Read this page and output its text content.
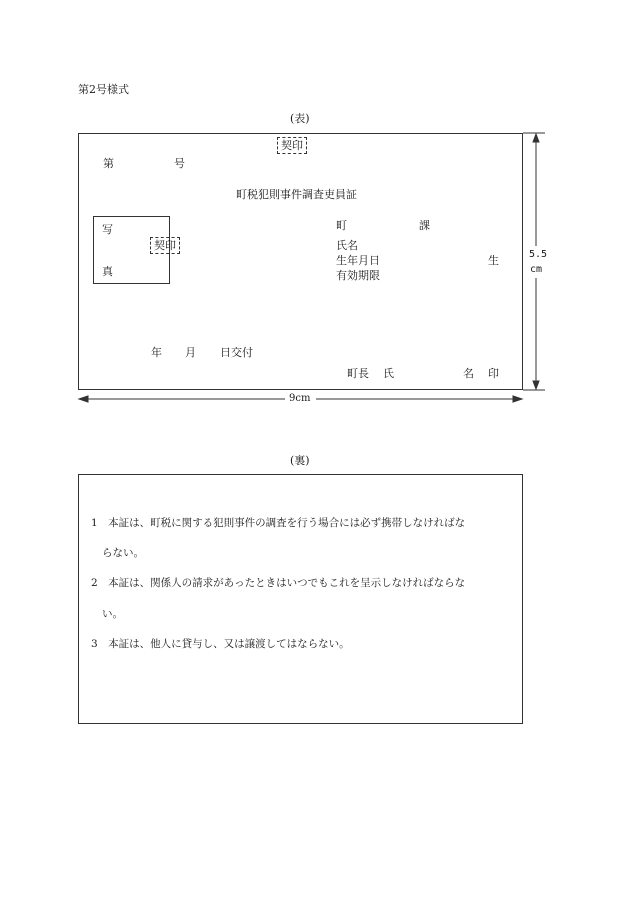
第2号様式
(表)
契印
第	号
町税犯則事件調査吏員証
写
真
契印
町	課
氏名
生年月日	生
有効期限
年 月 日交付
町長 氏	名 印
5.5
cm
9cm
(裏)
1　本証は、町税に関する犯則事件の調査を行う場合には必ず携帯しなければな
らない。
2　本証は、関係人の請求があったときはいつでもこれを呈示しなければならな
い。
3　本証は、他人に貸与し、又は譲渡してはならない。
